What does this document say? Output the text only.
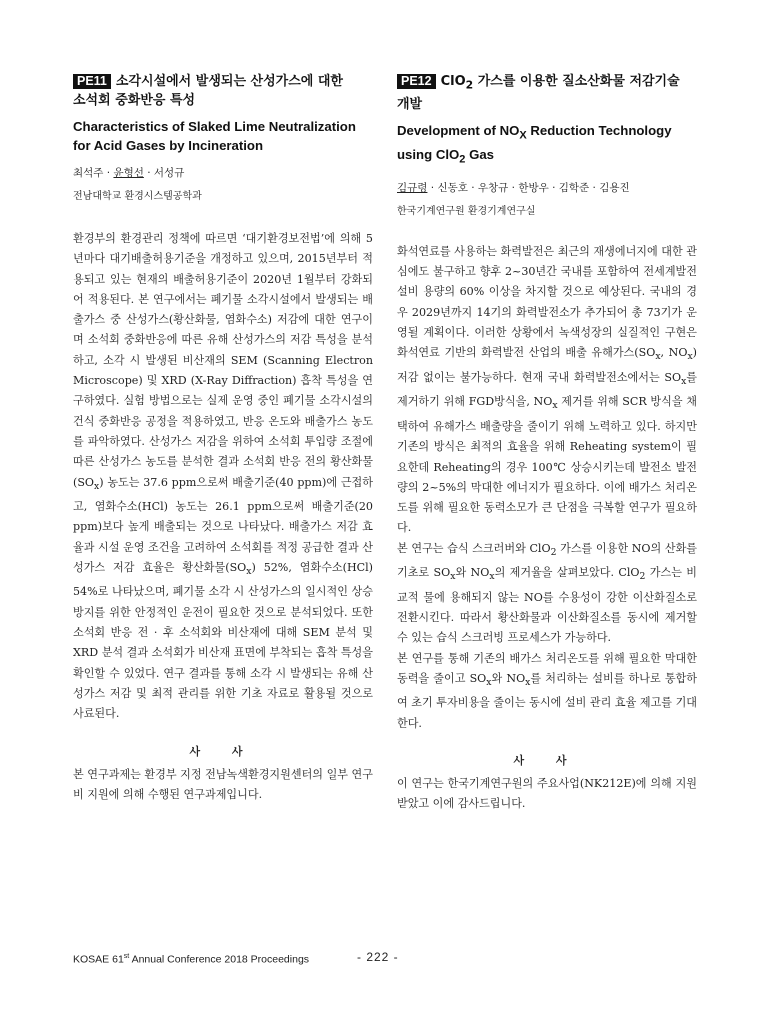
PE11 소각시설에서 발생되는 산성가스에 대한
소석회 중화반응 특성

Characteristics of Slaked Lime Neutralization
for Acid Gases by Incineration

최석주 · 윤형선 · 서성규

전남대학교 환경시스템공학과

환경부의 환경관리 정책에 따르면 ‘대기환경보전법’에 의해 5년마다 대기배출허용기준을 개정하고 있으며, 2015년부터 적용되고 있는 현재의 배출허용기준이 2020년 1월부터 강화되어 적용된다. 본 연구에서는 폐기물 소각시설에서 발생되는 배출가스 중 산성가스(황산화물, 염화수소) 저감에 대한 연구이며 소석회 중화반응에 따른 유해 산성가스의 저감 특성을 분석하고, 소각 시 발생된 비산재의 SEM (Scanning Electron Microscope) 및 XRD (X-Ray Diffraction) 흡착 특성을 연구하였다. 실험 방법으로는 실제 운영 중인 폐기물 소각시설의 건식 중화반응 공정을 적용하였고, 반응 온도와 배출가스 농도를 파악하였다. 산성가스 저감을 위하여 소석회 투입량 조절에 따른 산성가스 농도를 분석한 결과 소석회 반응 전의 황산화물$(SO_x)$ 농도는 37.6 ppm으로써 배출기준(40 ppm)에 근접하고, 염화수소(HCl) 농도는 26.1 ppm으로써 배출기준(20 ppm)보다 높게 배출되는 것으로 나타났다. 배출가스 저감 효율과 시설 운영 조건을 고려하여 소석회를 적정 공급한 결과 산성가스 저감 효율은 황산화물$(SO_x)$ 52%, 염화수소(HCl) 54%로 나타났으며, 폐기물 소각 시 산성가스의 일시적인 상승 방지를 위한 안정적인 운전이 필요한 것으로 분석되었다. 또한 소석회 반응 전 · 후 소석회와 비산재에 대해 SEM 분석 및 XRD 분석 결과 소석회가 비산재 표면에 부착되는 흡착 특성을 확인할 수 있었다. 연구 결과를 통해 소각 시 발생되는 유해 산성가스 저감 및 최적 관리를 위한 기초 자료로 활용될 것으로 사료된다.

사 사

본 연구과제는 환경부 지정 전남녹색환경지원센터의 일부 연구비 지원에 의해 수행된 연구과제입니다.

PE12 ClO$_2$ 가스를 이용한 질소산화물 저감기술
개발

Development of $NO_X$ Reduction Technology
using ClO$_2$ Gas

김규령 · 신동호 · 우창규 · 한방우 · 김학준 · 김용진

한국기계연구원 환경기계연구실

화석연료를 사용하는 화력발전은 최근의 재생에너지에 대한 관심에도 불구하고 향후 2~30년간 국내를 포함하여 전세계발전 설비 용량의 60% 이상을 차지할 것으로 예상된다. 국내의 경우 2029년까지 14기의 화력발전소가 추가되어 총 73기가 운영될 계획이다. 이러한 상황에서 녹색성장의 실질적인 구현은 화석연료 기반의 화력발전 산업의 배출 유해가스($SO_x$, $NO_x$) 저감 없이는 불가능하다. 현재 국내 화력발전소에서는 $SO_x$를 제거하기 위해 FGD방식을, $NO_x$ 제거를 위해 SCR 방식을 채택하여 유해가스 배출량을 줄이기 위해 노력하고 있다. 하지만 기존의 방식은 최적의 효율을 위해 Reheating system이 필요한데 Reheating의 경우 100℃ 상승시키는데 발전소 발전량의 2~5%의 막대한 에너지가 필요하다. 이에 배가스 처리온도를 위해 필요한 동력소모가 큰 단점을 극복할 연구가 필요하다.

본 연구는 습식 스크러버와 ClO$_2$ 가스를 이용한 NO의 산화를 기초로 $SO_x$와 $NO_x$의 제거율을 살펴보았다. ClO$_2$ 가스는 비교적 물에 용해되지 않는 NO를 수용성이 강한 이산화질소로 전환시킨다. 따라서 황산화물과 이산화질소를 동시에 제거할 수 있는 습식 스크러빙 프로세스가 가능하다.

본 연구를 통해 기존의 배가스 처리온도를 위해 필요한 막대한 동력을 줄이고 $SO_x$와 $NO_x$를 처리하는 설비를 하나로 통합하여 초기 투자비용을 줄이는 동시에 설비 관리 효율 제고를 기대한다.

사 사

이 연구는 한국기계연구원의 주요사업(NK212E)에 의해 지원받았고 이에 감사드립니다.

KOSAE 61st Annual Conference 2018 Proceedings	- 222 -
